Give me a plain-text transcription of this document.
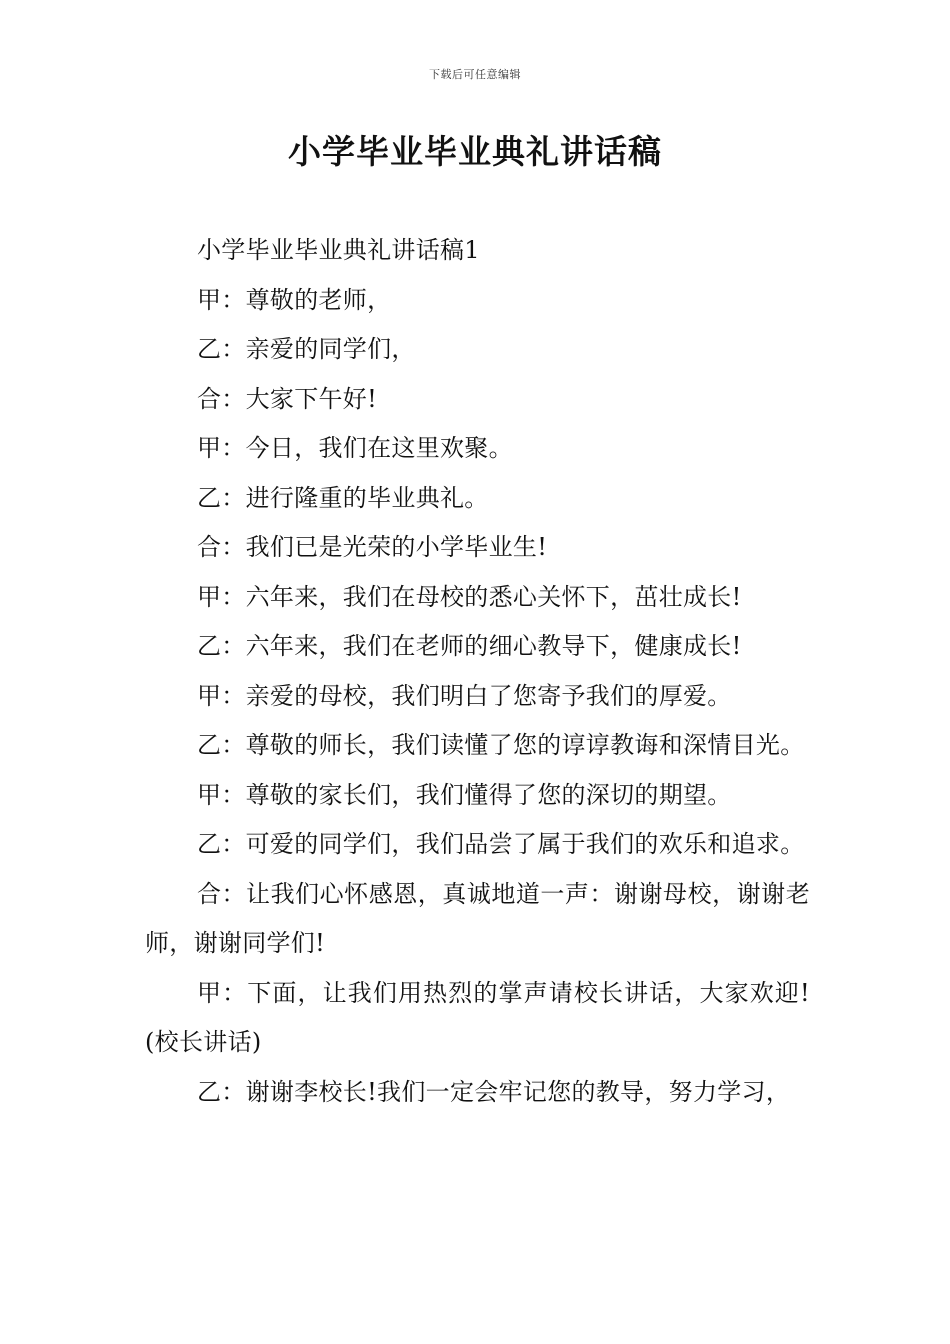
下载后可任意编辑
小学毕业毕业典礼讲话稿

小学毕业毕业典礼讲话稿1

甲：尊敬的老师，

乙：亲爱的同学们，

合：大家下午好!

甲：今日，我们在这里欢聚。

乙：进行隆重的毕业典礼。

合：我们已是光荣的小学毕业生!

甲：六年来，我们在母校的悉心关怀下，茁壮成长!

乙：六年来，我们在老师的细心教导下，健康成长!

甲：亲爱的母校，我们明白了您寄予我们的厚爱。

乙：尊敬的师长，我们读懂了您的谆谆教诲和深情目光。

甲：尊敬的家长们，我们懂得了您的深切的期望。

乙：可爱的同学们，我们品尝了属于我们的欢乐和追求。

合：让我们心怀感恩，真诚地道一声：谢谢母校，谢谢老师，谢谢同学们!

甲：下面，让我们用热烈的掌声请校长讲话，大家欢迎!(校长讲话)

乙：谢谢李校长!我们一定会牢记您的教导，努力学习，
